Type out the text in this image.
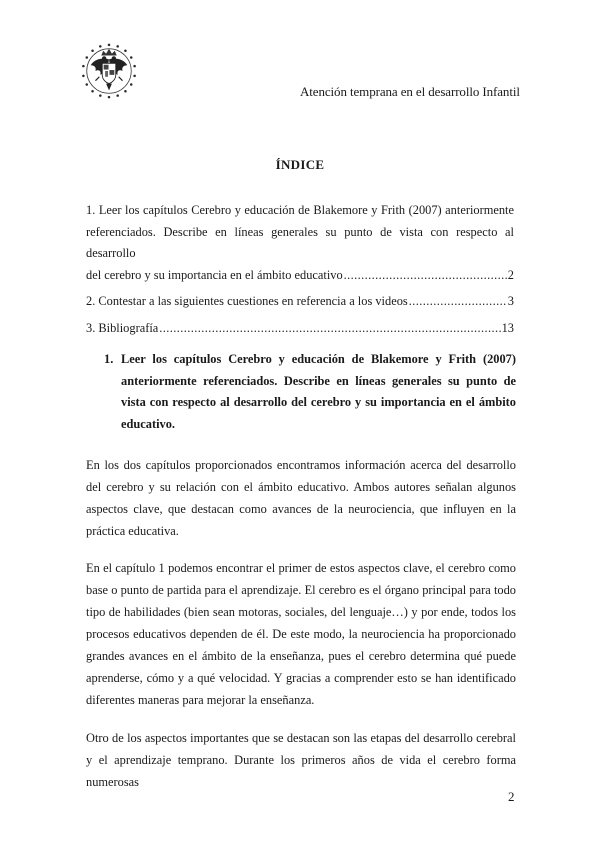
Atención temprana en el desarrollo Infantil
ÍNDICE
1. Leer los capítulos Cerebro y educación de Blakemore y Frith (2007) anteriormente referenciados. Describe en líneas generales su punto de vista con respecto al desarrollo
del cerebro y su importancia en el ámbito educativo .....	2
2. Contestar a las siguientes cuestiones en referencia a los videos .....	3
3. Bibliografía .....	13
1. Leer los capítulos Cerebro y educación de Blakemore y Frith (2007) anteriormente referenciados. Describe en líneas generales su punto de vista con respecto al desarrollo del cerebro y su importancia en el ámbito educativo.
En los dos capítulos proporcionados encontramos información acerca del desarrollo del cerebro y su relación con el ámbito educativo. Ambos autores señalan algunos aspectos clave, que destacan como avances de la neurociencia, que influyen en la práctica educativa.
En el capítulo 1 podemos encontrar el primer de estos aspectos clave, el cerebro como base o punto de partida para el aprendizaje. El cerebro es el órgano principal para todo tipo de habilidades (bien sean motoras, sociales, del lenguaje…) y por ende, todos los procesos educativos dependen de él. De este modo, la neurociencia ha proporcionado grandes avances en el ámbito de la enseñanza, pues el cerebro determina qué puede aprenderse, cómo y a qué velocidad. Y gracias a comprender esto se han identificado diferentes maneras para mejorar la enseñanza.
Otro de los aspectos importantes que se destacan son las etapas del desarrollo cerebral y el aprendizaje temprano. Durante los primeros años de vida el cerebro forma numerosas
2
